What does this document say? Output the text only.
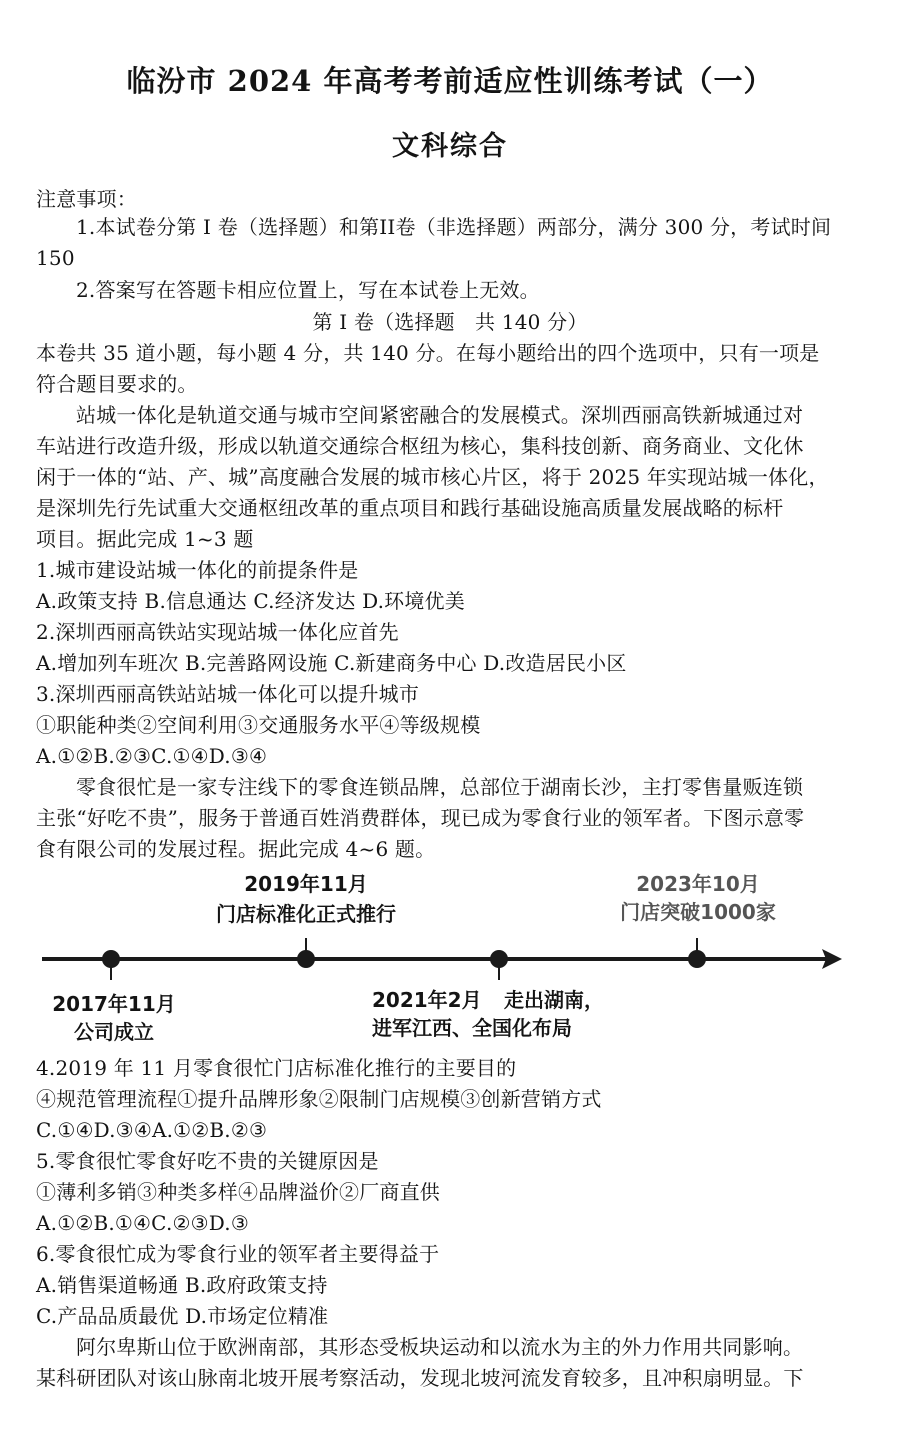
临汾市 2024 年高考考前适应性训练考试（一）
文科综合
注意事项：
1.本试卷分第 I 卷（选择题）和第II卷（非选择题）两部分，满分 300 分，考试时间
150
2.答案写在答题卡相应位置上，写在本试卷上无效。
第 I 卷（选择题　共 140 分）
本卷共 35 道小题，每小题 4 分，共 140 分。在每小题给出的四个选项中，只有一项是
符合题目要求的。
站城一体化是轨道交通与城市空间紧密融合的发展模式。深圳西丽高铁新城通过对
车站进行改造升级，形成以轨道交通综合枢纽为核心，集科技创新、商务商业、文化休
闲于一体的“站、产、城”高度融合发展的城市核心片区，将于 2025 年实现站城一体化，
是深圳先行先试重大交通枢纽改革的重点项目和践行基础设施高质量发展战略的标杆
项目。据此完成 1~3 题
1.城市建设站城一体化的前提条件是
A.政策支持 B.信息通达 C.经济发达 D.环境优美
2.深圳西丽高铁站实现站城一体化应首先
A.增加列车班次 B.完善路网设施 C.新建商务中心 D.改造居民小区
3.深圳西丽高铁站站城一体化可以提升城市
①职能种类②空间利用③交通服务水平④等级规模
A.①②B.②③C.①④D.③④
零食很忙是一家专注线下的零食连锁品牌，总部位于湖南长沙，主打零售量贩连锁
主张“好吃不贵”，服务于普通百姓消费群体，现已成为零食行业的领军者。下图示意零
食有限公司的发展过程。据此完成 4~6 题。
2019年11月
门店标准化正式推行
2023年10月
门店突破1000家
2017年11月
公司成立
2021年2月	走出湖南，
进军江西、全国化布局
4.2019 年 11 月零食很忙门店标准化推行的主要目的
④规范管理流程①提升品牌形象②限制门店规模③创新营销方式
C.①④D.③④A.①②B.②③
5.零食很忙零食好吃不贵的关键原因是
①薄利多销③种类多样④品牌溢价②厂商直供
A.①②B.①④C.②③D.③
6.零食很忙成为零食行业的领军者主要得益于
A.销售渠道畅通 B.政府政策支持
C.产品品质最优 D.市场定位精准
阿尔卑斯山位于欧洲南部，其形态受板块运动和以流水为主的外力作用共同影响。
某科研团队对该山脉南北坡开展考察活动，发现北坡河流发育较多，且冲积扇明显。下
